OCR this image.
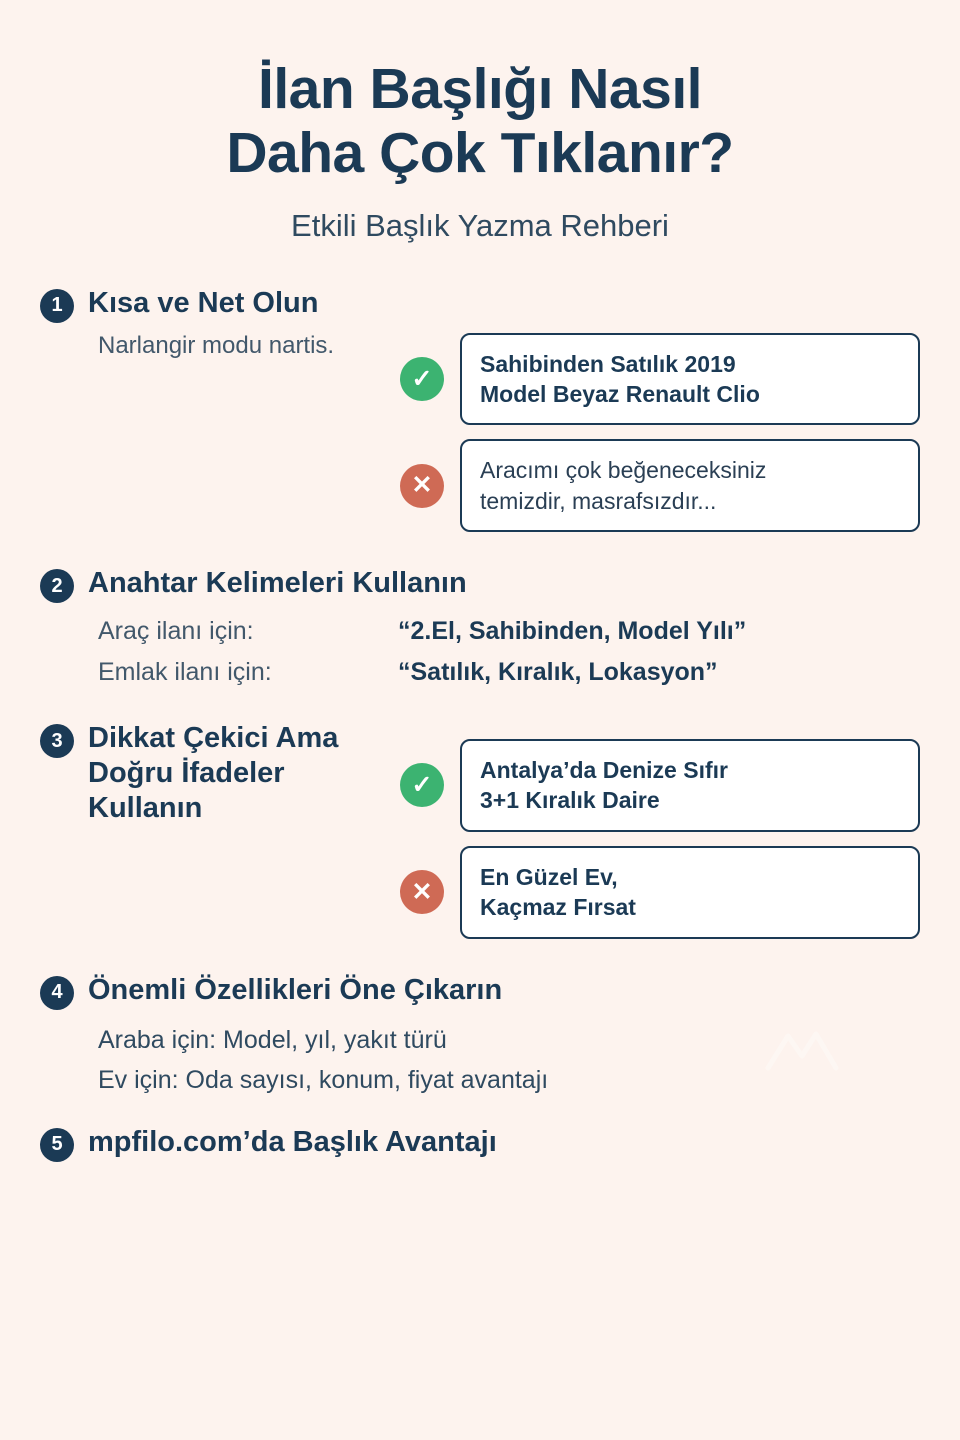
İlan Başlığı Nasıl
Daha Çok Tıklanır?
Etkili Başlık Yazma Rehberi
1 Kısa ve Net Olun
Narlangir modu nartis.
✓
Sahibinden Satılık 2019
Model Beyaz Renault Clio
✕
Aracımı çok beğeneceksiniz
temizdir, masrafsızdır...
2 Anahtar Kelimeleri Kullanın
Araç ilanı için:	“2.El, Sahibinden, Model Yılı”
Emlak ilanı için:	“Satılık, Kıralık, Lokasyon”
3 Dikkat Çekici Ama
Doğru İfadeler
Kullanın
✓
Antalya’da Denize Sıfır
3+1 Kıralık Daire
✕
En Güzel Ev,
Kaçmaz Fırsat
4 Önemli Özellikleri Öne Çıkarın
Araba için: Model, yıl, yakıt türü
Ev için: Oda sayısı, konum, fiyat avantajı
5 mpfilo.com’da Başlık Avantajı
